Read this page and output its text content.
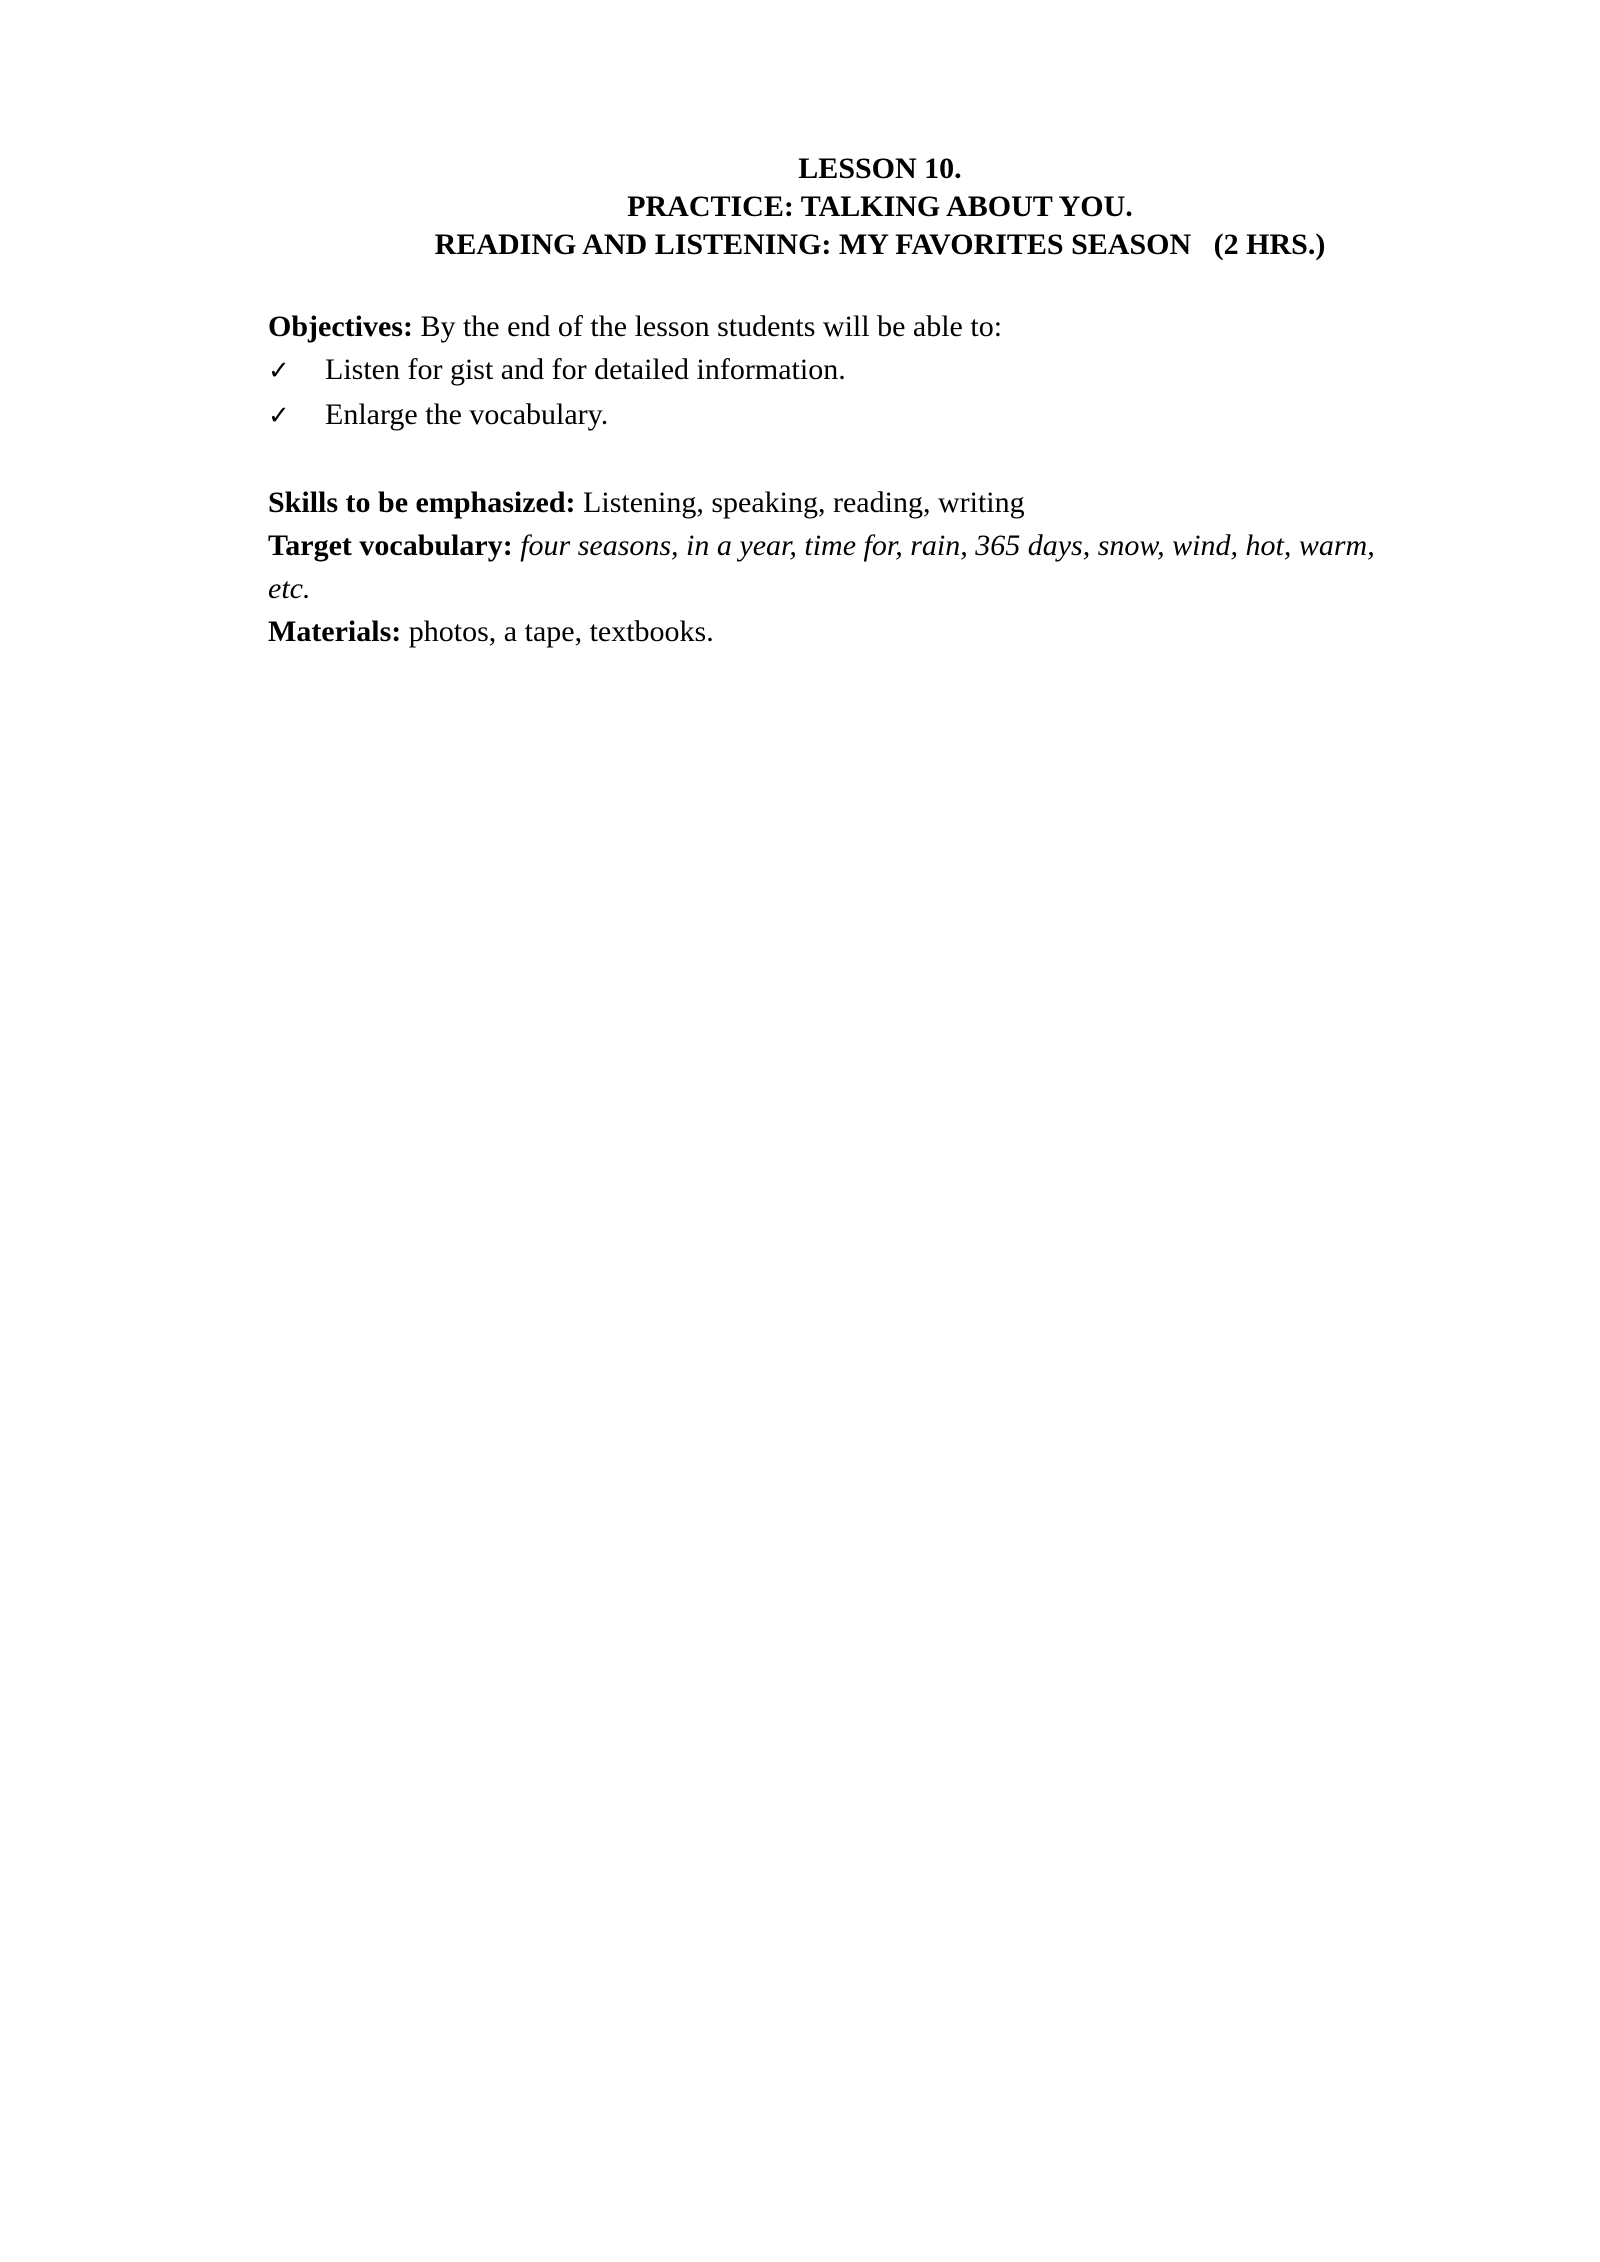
LESSON 10.
PRACTICE: TALKING ABOUT YOU.
READING AND LISTENING: MY FAVORITES SEASON   (2 HRS.)
Objectives: By the end of the lesson students will be able to:
✓	Listen for gist and for detailed information.
✓	Enlarge the vocabulary.
Skills to be emphasized: Listening, speaking, reading, writing
Target vocabulary: four seasons, in a year, time for, rain, 365 days, snow, wind, hot, warm,
etc.
Materials: photos, a tape, textbooks.
